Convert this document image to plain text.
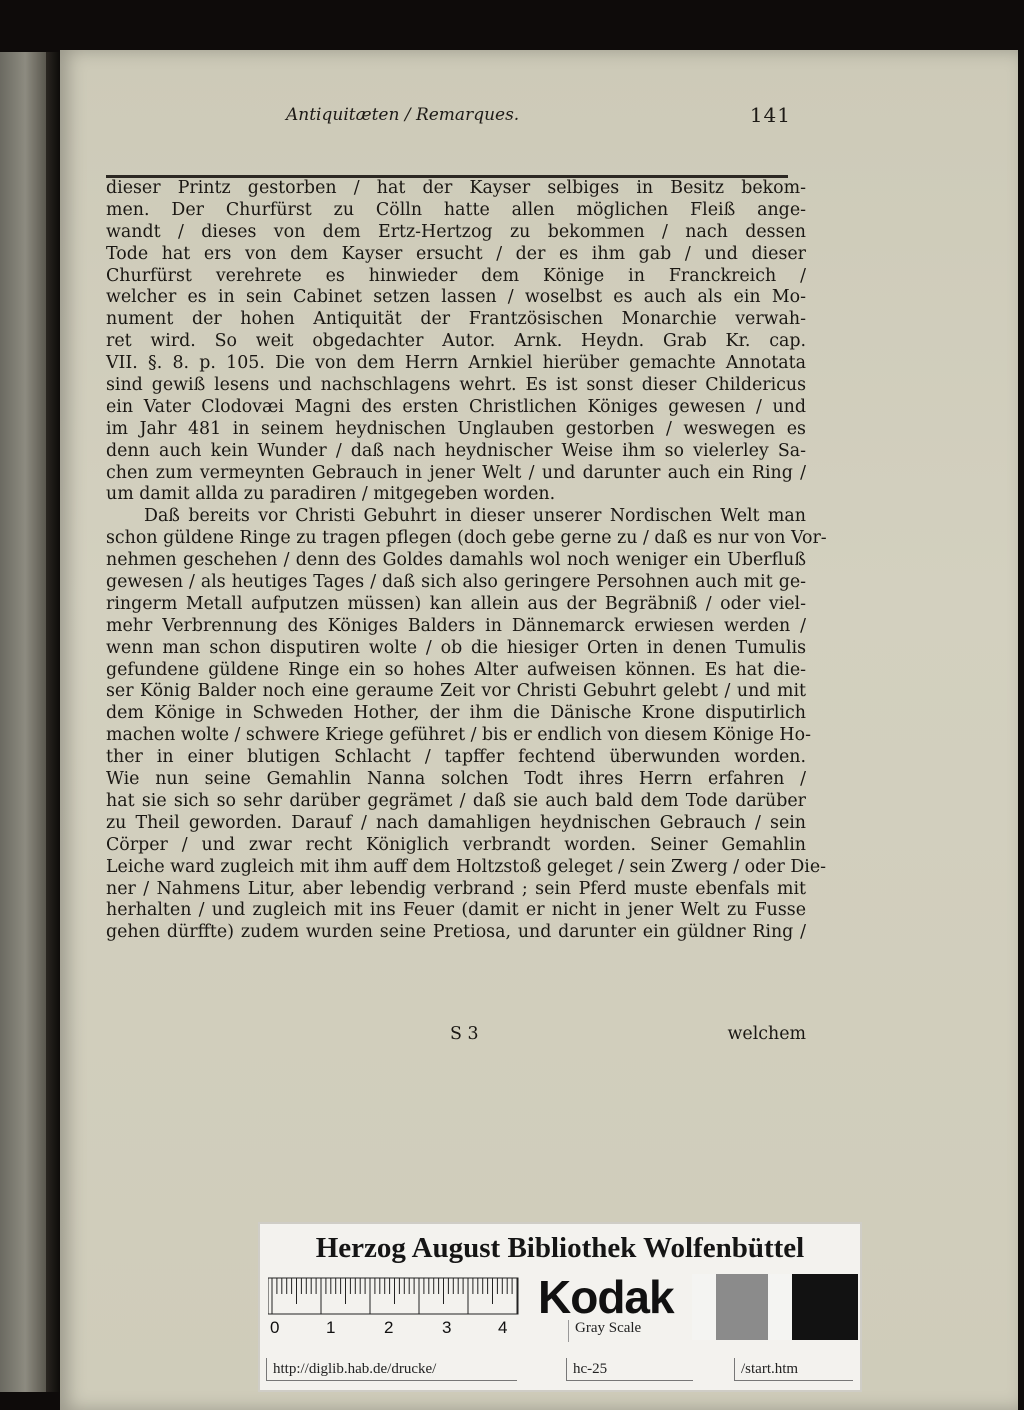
Antiquitæten / Remarques.	141
dieser Printz gestorben / hat der Kayser selbiges in Besitz bekom-
men. Der Churfürst zu Cölln hatte allen möglichen Fleiß ange-
wandt / dieses von dem Ertz-Hertzog zu bekommen / nach dessen
Tode hat ers von dem Kayser ersucht / der es ihm gab / und dieser
Churfürst verehrete es hinwieder dem Könige in Franckreich /
welcher es in sein Cabinet setzen lassen / woselbst es auch als ein Mo-
nument der hohen Antiquität der Frantzösischen Monarchie verwah-
ret wird. So weit obgedachter Autor. Arnk. Heydn. Grab Kr. cap.
VII. §. 8. p. 105. Die von dem Herrn Arnkiel hierüber gemachte Annotata
sind gewiß lesens und nachschlagens wehrt. Es ist sonst dieser Childericus
ein Vater Clodovæi Magni des ersten Christlichen Königes gewesen / und
im Jahr 481 in seinem heydnischen Unglauben gestorben / weswegen es
denn auch kein Wunder / daß nach heydnischer Weise ihm so vielerley Sa-
chen zum vermeynten Gebrauch in jener Welt / und darunter auch ein Ring /
um damit allda zu paradiren / mitgegeben worden.
Daß bereits vor Christi Gebuhrt in dieser unserer Nordischen Welt man
schon güldene Ringe zu tragen pflegen (doch gebe gerne zu / daß es nur von Vor-
nehmen geschehen / denn des Goldes damahls wol noch weniger ein Uberfluß
gewesen / als heutiges Tages / daß sich also geringere Persohnen auch mit ge-
ringerm Metall aufputzen müssen) kan allein aus der Begräbniß / oder viel-
mehr Verbrennung des Königes Balders in Dännemarck erwiesen werden /
wenn man schon disputiren wolte / ob die hiesiger Orten in denen Tumulis
gefundene güldene Ringe ein so hohes Alter aufweisen können. Es hat die-
ser König Balder noch eine geraume Zeit vor Christi Gebuhrt gelebt / und mit
dem Könige in Schweden Hother, der ihm die Dänische Krone disputirlich
machen wolte / schwere Kriege geführet / bis er endlich von diesem Könige Ho-
ther in einer blutigen Schlacht / tapffer fechtend überwunden worden.
Wie nun seine Gemahlin Nanna solchen Todt ihres Herrn erfahren /
hat sie sich so sehr darüber gegrämet / daß sie auch bald dem Tode darüber
zu Theil geworden. Darauf / nach damahligen heydnischen Gebrauch / sein
Cörper / und zwar recht Königlich verbrandt worden. Seiner Gemahlin
Leiche ward zugleich mit ihm auff dem Holtzstoß geleget / sein Zwerg / oder Die-
ner / Nahmens Litur, aber lebendig verbrand ; sein Pferd muste ebenfals mit
herhalten / und zugleich mit ins Feuer (damit er nicht in jener Welt zu Fusse
gehen dürffte) zudem wurden seine Pretiosa, und darunter ein güldner Ring /
S 3	welchem
Herzog August Bibliothek Wolfenbüttel
0	1	2	3	4
Kodak
Gray Scale
http://diglib.hab.de/drucke/	hc-25	/start.htm
